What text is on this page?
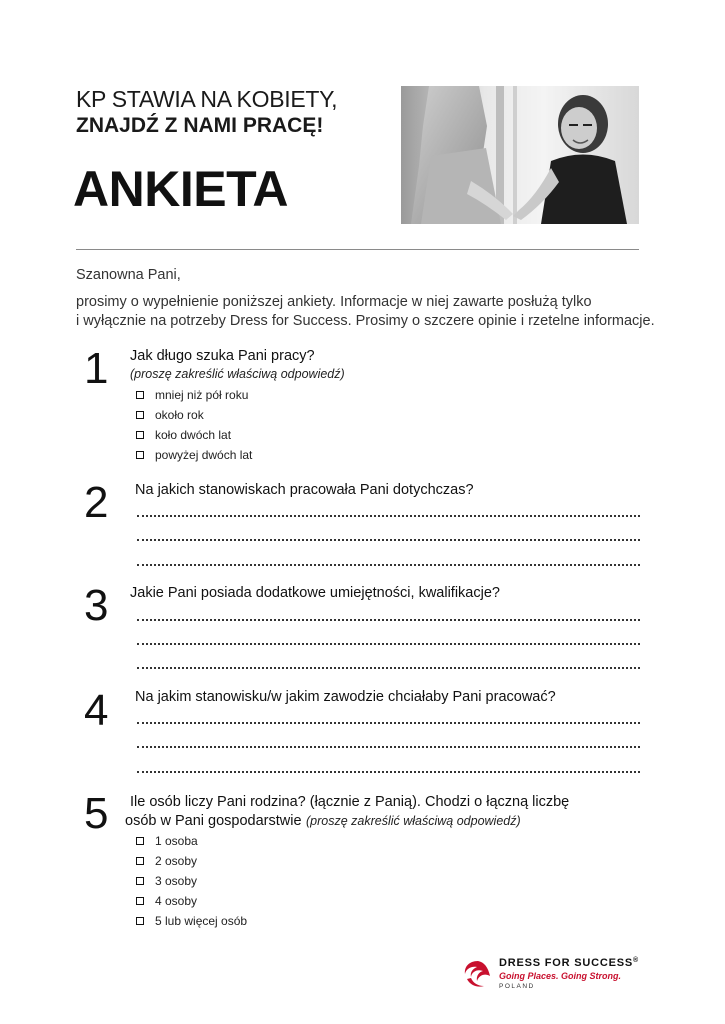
KP STAWIA NA KOBIETY,
ZNAJDŹ Z NAMI PRACĘ!
ANKIETA
Szanowna Pani,
prosimy o wypełnienie poniższej ankiety. Informacje w niej zawarte posłużą tylko
i wyłącznie na potrzeby Dress for Success. Prosimy o szczere opinie i rzetelne informacje.
1 Jak długo szuka Pani pracy?
(proszę zakreślić właściwą odpowiedź)
mniej niż pół roku
około rok
koło dwóch lat
powyżej dwóch lat
2 Na jakich stanowiskach pracowała Pani dotychczas?
3 Jakie Pani posiada dodatkowe umiejętności, kwalifikacje?
4 Na jakim stanowisku/w jakim zawodzie chciałaby Pani pracować?
5 Ile osób liczy Pani rodzina? (łącznie z Panią). Chodzi o łączną liczbę
osób w Pani gospodarstwie (proszę zakreślić właściwą odpowiedź)
1 osoba
2 osoby
3 osoby
4 osoby
5 lub więcej osób
DRESS FOR SUCCESS®
Going Places. Going Strong.
POLAND
